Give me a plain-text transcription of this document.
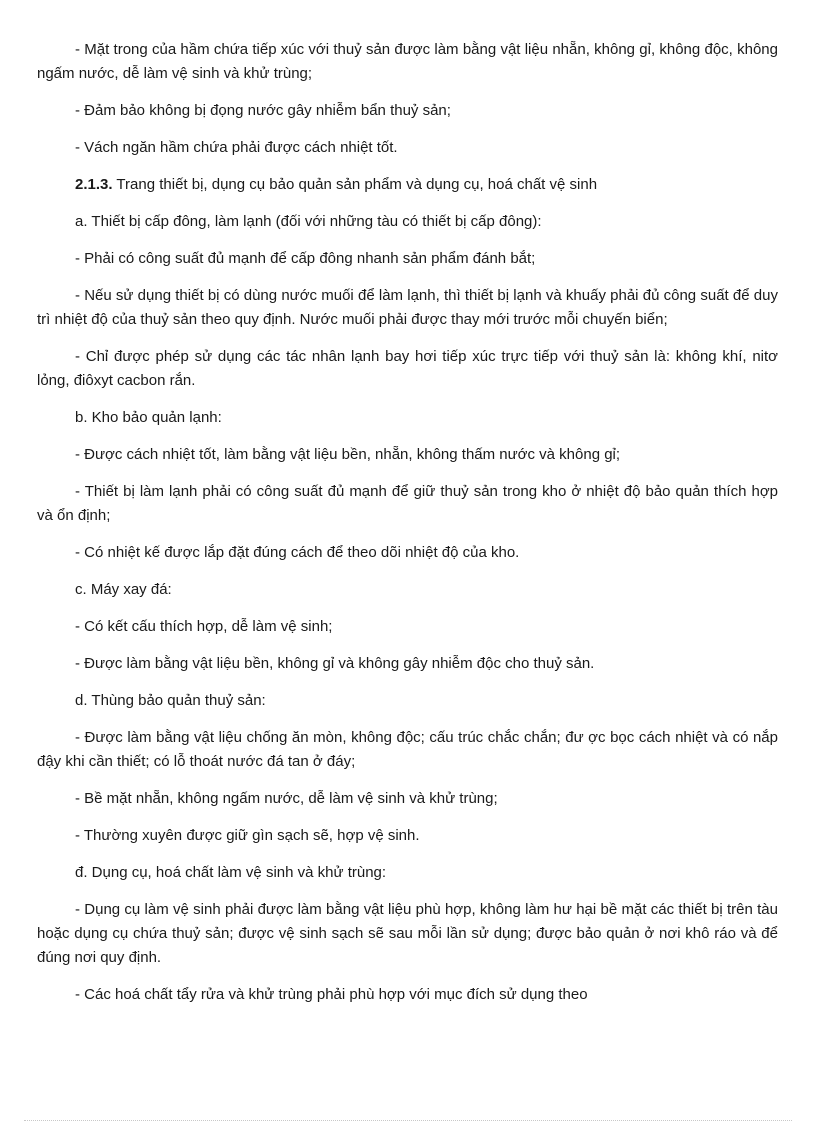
- Mặt trong của hầm chứa tiếp xúc với thuỷ sản được làm bằng vật liệu nhẵn, không gỉ, không độc, không ngấm nước, dễ làm vệ sinh và khử trùng;

- Đảm bảo không bị đọng nước gây nhiễm bẩn thuỷ sản;

- Vách ngăn hầm chứa phải được cách nhiệt tốt.

2.1.3. Trang thiết bị, dụng cụ bảo quản sản phẩm và dụng cụ, hoá chất vệ sinh

a. Thiết bị cấp đông, làm lạnh (đối với những tàu có thiết bị cấp đông):

- Phải có công suất đủ mạnh để cấp đông nhanh sản phẩm đánh bắt;

- Nếu sử dụng thiết bị có dùng nước muối để làm lạnh, thì thiết bị lạnh và khuấy phải đủ công suất để duy trì nhiệt độ của thuỷ sản theo quy định. Nước muối phải được thay mới trước mỗi chuyến biển;

- Chỉ được phép sử dụng các tác nhân lạnh bay hơi tiếp xúc trực tiếp với thuỷ sản là: không khí, nitơ lỏng, điôxyt cacbon rắn.

b. Kho bảo quản lạnh:

- Được cách nhiệt tốt, làm bằng vật liệu bền, nhẵn, không thấm nước và không gỉ;

- Thiết bị làm lạnh phải có công suất đủ mạnh để giữ thuỷ sản trong kho ở nhiệt độ bảo quản thích hợp và ổn định;

- Có nhiệt kế được lắp đặt đúng cách để theo dõi nhiệt độ của kho.

c. Máy xay đá:

- Có kết cấu thích hợp, dễ làm vệ sinh;

- Được làm bằng vật liệu bền, không gỉ và không gây nhiễm độc cho thuỷ sản.

d. Thùng bảo quản thuỷ sản:

- Được làm bằng vật liệu chống ăn mòn, không độc; cấu trúc chắc chắn; đư ợc bọc cách nhiệt và có nắp đậy khi cần thiết; có lỗ thoát nước đá tan ở đáy;

- Bề mặt nhẵn, không ngấm nước, dễ làm vệ sinh và khử trùng;

- Thường xuyên được giữ gìn sạch sẽ, hợp vệ sinh.

đ. Dụng cụ, hoá chất làm vệ sinh và khử trùng:

- Dụng cụ làm vệ sinh phải được làm bằng vật liệu phù hợp, không làm hư hại bề mặt các thiết bị trên tàu hoặc dụng cụ chứa thuỷ sản; được vệ sinh sạch sẽ sau mỗi lần sử dụng; được bảo quản ở nơi khô ráo và để đúng nơi quy định.

- Các hoá chất tẩy rửa và khử trùng phải phù hợp với mục đích sử dụng theo
